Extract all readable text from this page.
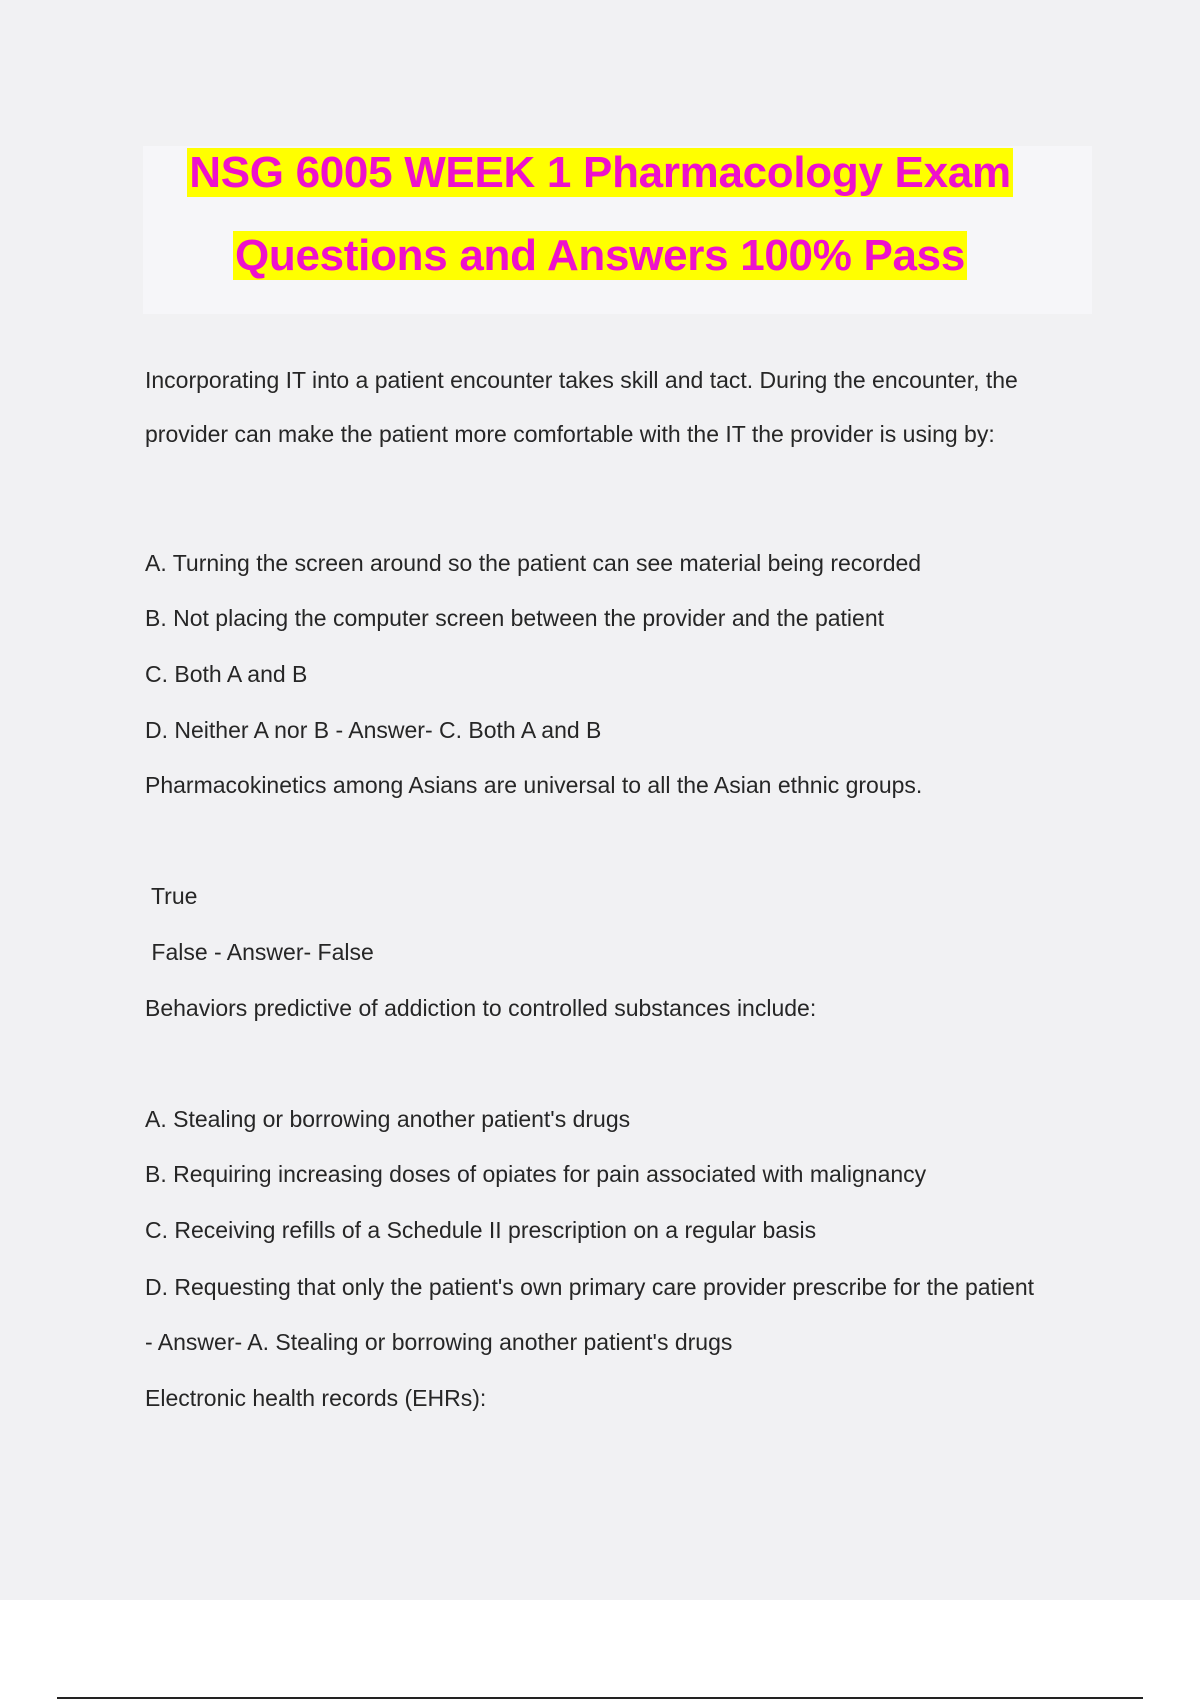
NSG 6005 WEEK 1 Pharmacology Exam
Questions and Answers 100% Pass
Incorporating IT into a patient encounter takes skill and tact. During the encounter, the
provider can make the patient more comfortable with the IT the provider is using by:
A. Turning the screen around so the patient can see material being recorded
B. Not placing the computer screen between the provider and the patient
C. Both A and B
D. Neither A nor B - Answer- C. Both A and B
Pharmacokinetics among Asians are universal to all the Asian ethnic groups.
True
False - Answer- False
Behaviors predictive of addiction to controlled substances include:
A. Stealing or borrowing another patient's drugs
B. Requiring increasing doses of opiates for pain associated with malignancy
C. Receiving refills of a Schedule II prescription on a regular basis
D. Requesting that only the patient's own primary care provider prescribe for the patient
- Answer- A. Stealing or borrowing another patient's drugs
Electronic health records (EHRs):
